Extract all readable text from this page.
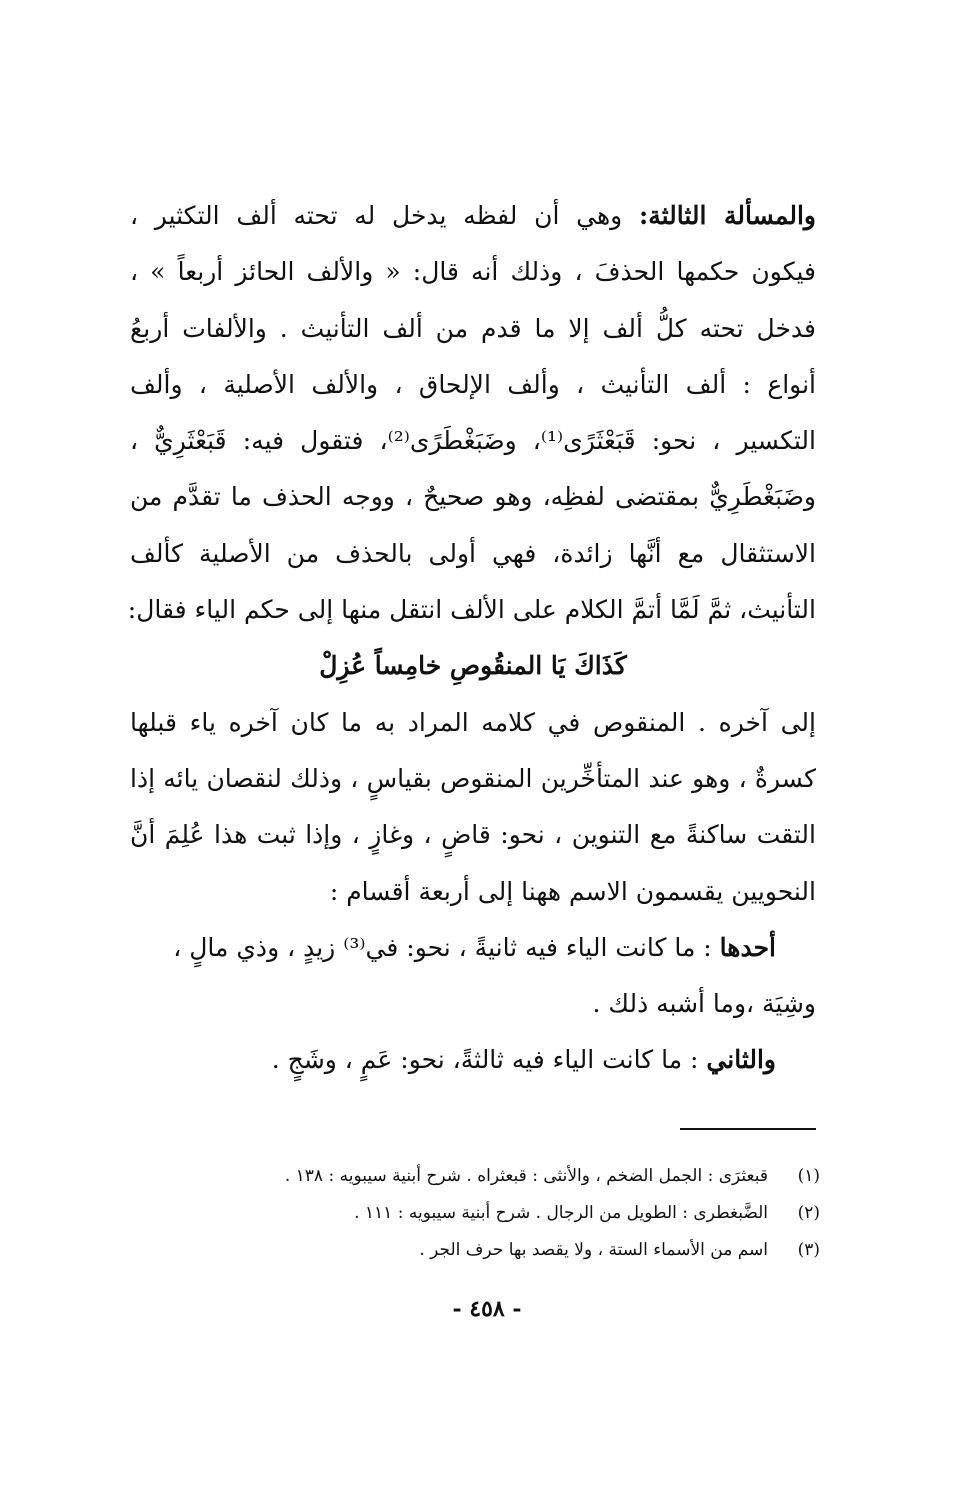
والمسألة الثالثة: وهي أن لفظه يدخل له تحته ألف التكثير ،
فيكون حكمها الحذفَ ، وذلك أنه قال: « والألف الحائز أربعاً » ،
فدخل تحته كلُّ ألف إلا ما قدم من ألف التأنيث . والألفات أربعُ
أنواع : ألف التأنيث ، وألف الإلحاق ، والألف الأصلية ، وألف
التكسير ، نحو: قَبَعْثَرًى⁽¹⁾، وضَبَغْطَرًى⁽²⁾، فتقول فيه: قَبَعْثَرِيٌّ ،
وضَبَغْطَرِيٌّ بمقتضى لفظِه، وهو صحيحٌ ، ووجه الحذف ما تقدَّم من
الاستثقال مع أنَّها زائدة، فهي أولى بالحذف من الأصلية كألف
التأنيث، ثمَّ لَمَّا أتمَّ الكلام على الألف انتقل منها إلى حكم الياء فقال:
كَذَاكَ يَا المنقُوصِ خامِساً عُزِلْ
إلى آخره . المنقوص في كلامه المراد به ما كان آخره ياء قبلها
كسرةٌ ، وهو عند المتأخِّرين المنقوص بقياسٍ ، وذلك لنقصان يائه إذا
التقت ساكنةً مع التنوين ، نحو: قاضٍ ، وغازٍ ، وإذا ثبت هذا عُلِمَ أنَّ
النحويين يقسمون الاسم ههنا إلى أربعة أقسام :
أحدها : ما كانت الياء فيه ثانيةً ، نحو: في⁽³⁾ زيدٍ ، وذي مالٍ ،
وشِيَة ،وما أشبه ذلك .
والثاني : ما كانت الياء فيه ثالثةً، نحو: عَمٍ ، وشَجٍ .
(١)قبعثرَى : الجمل الضخم ، والأنثى : قبعثراه . شرح أبنية سيبويه : ١٣٨ .
(٢)الضَّبغطرى : الطويل من الرجال . شرح أبنية سيبويه : ١١١ .
(٣)اسم من الأسماء الستة ، ولا يقصد بها حرف الجر .
- ٤٥٨ -
